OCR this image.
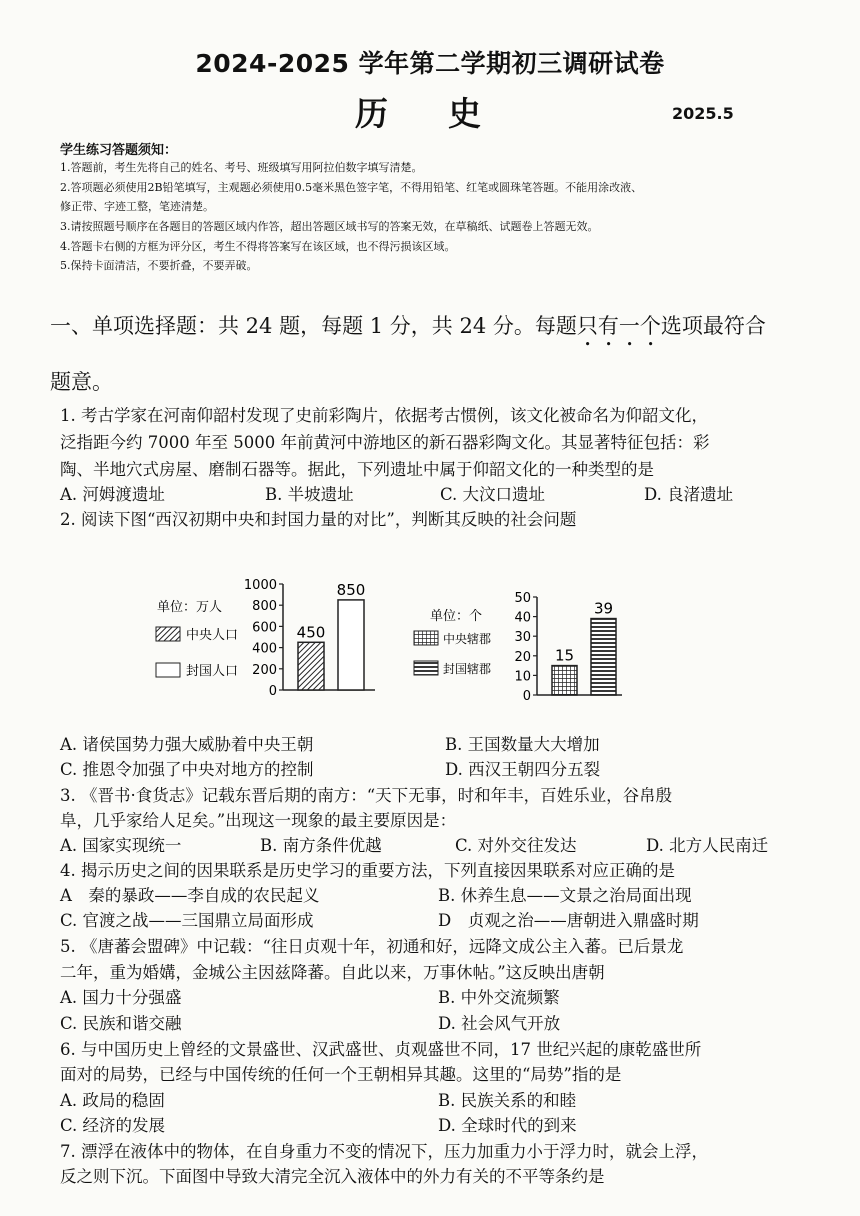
2024-2025 学年第二学期初三调研试卷
历史	2025.5
学生练习答题须知：
1.答题前，考生先将自己的姓名、考号、班级填写用阿拉伯数字填写清楚。
2.答项题必须使用2B铅笔填写，主观题必须使用0.5毫米黑色签字笔，不得用铅笔、红笔或圆珠笔答题。不能用涂改液、
修正带、字迹工整，笔迹清楚。
3.请按照题号顺序在各题目的答题区域内作答，超出答题区域书写的答案无效，在草稿纸、试题卷上答题无效。
4.答题卡右侧的方框为评分区，考生不得将答案写在该区域，也不得污损该区域。
5.保持卡面清洁，不要折叠，不要弄破。
一、单项选择题：共 24 题，每题 1 分，共 24 分。每题只有一个选项最符合
题意。
1. 考古学家在河南仰韶村发现了史前彩陶片，依据考古惯例，该文化被命名为仰韶文化，
泛指距今约 7000 年至 5000 年前黄河中游地区的新石器彩陶文化。其显著特征包括：彩
陶、半地穴式房屋、磨制石器等。据此，下列遗址中属于仰韶文化的一种类型的是
A. 河姆渡遗址	B. 半坡遗址	C. 大汶口遗址	D. 良渚遗址
2. 阅读下图“西汉初期中央和封国力量的对比”，判断其反映的社会问题
单位：万人
中央人口
封国人口
0
200
400
600
800
1000
450
850
单位：个
中央辖郡
封国辖郡
0
10
20
30
40
50
15
39
A. 诸侯国势力强大威胁着中央王朝	B. 王国数量大大增加
C. 推恩令加强了中央对地方的控制	D. 西汉王朝四分五裂
3. 《晋书·食货志》记载东晋后期的南方：“天下无事，时和年丰，百姓乐业，谷帛殷
阜，几乎家给人足矣。”出现这一现象的最主要原因是：
A. 国家实现统一	B. 南方条件优越	C. 对外交往发达	D. 北方人民南迁
4. 揭示历史之间的因果联系是历史学习的重要方法，下列直接因果联系对应正确的是
A　秦的暴政——李自成的农民起义	B. 休养生息——文景之治局面出现
C. 官渡之战——三国鼎立局面形成	D　贞观之治——唐朝进入鼎盛时期
5. 《唐蕃会盟碑》中记载：“往日贞观十年，初通和好，远降文成公主入蕃。已后景龙
二年，重为婚媾，金城公主因兹降蕃。自此以来，万事休帖。”这反映出唐朝
A. 国力十分强盛	B. 中外交流频繁
C. 民族和谐交融	D. 社会风气开放
6. 与中国历史上曾经的文景盛世、汉武盛世、贞观盛世不同，17 世纪兴起的康乾盛世所
面对的局势，已经与中国传统的任何一个王朝相异其趣。这里的“局势”指的是
A. 政局的稳固	B. 民族关系的和睦
C. 经济的发展	D. 全球时代的到来
7. 漂浮在液体中的物体，在自身重力不变的情况下，压力加重力小于浮力时，就会上浮，
反之则下沉。下面图中导致大清完全沉入液体中的外力有关的不平等条约是
